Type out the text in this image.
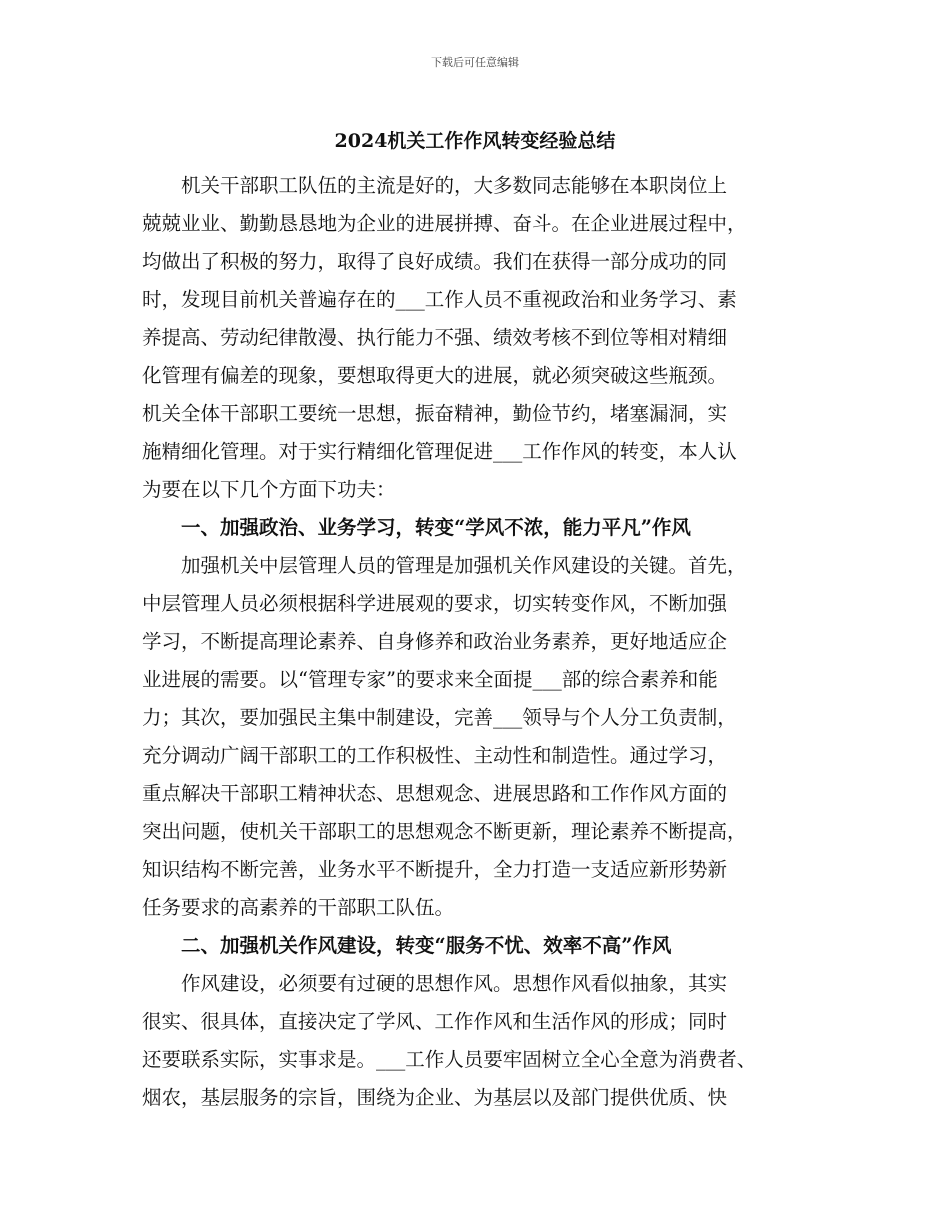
下载后可任意编辑
2024机关工作作风转变经验总结
　　机关干部职工队伍的主流是好的，大多数同志能够在本职岗位上
兢兢业业、勤勤恳恳地为企业的进展拼搏、奋斗。在企业进展过程中，
均做出了积极的努力，取得了良好成绩。我们在获得一部分成功的同
时，发现目前机关普遍存在的___工作人员不重视政治和业务学习、素
养提高、劳动纪律散漫、执行能力不强、绩效考核不到位等相对精细
化管理有偏差的现象，要想取得更大的进展，就必须突破这些瓶颈。
机关全体干部职工要统一思想，振奋精神，勤俭节约，堵塞漏洞，实
施精细化管理。对于实行精细化管理促进___工作作风的转变，本人认
为要在以下几个方面下功夫：
　　一、加强政治、业务学习，转变“学风不浓，能力平凡”作风
　　加强机关中层管理人员的管理是加强机关作风建设的关键。首先，
中层管理人员必须根据科学进展观的要求，切实转变作风，不断加强
学习，不断提高理论素养、自身修养和政治业务素养，更好地适应企
业进展的需要。以“管理专家”的要求来全面提___部的综合素养和能
力；其次，要加强民主集中制建设，完善___领导与个人分工负责制，
充分调动广阔干部职工的工作积极性、主动性和制造性。通过学习，
重点解决干部职工精神状态、思想观念、进展思路和工作作风方面的
突出问题，使机关干部职工的思想观念不断更新，理论素养不断提高，
知识结构不断完善，业务水平不断提升，全力打造一支适应新形势新
任务要求的高素养的干部职工队伍。
　　二、加强机关作风建设，转变“服务不忧、效率不高”作风
　　作风建设，必须要有过硬的思想作风。思想作风看似抽象，其实
很实、很具体，直接决定了学风、工作作风和生活作风的形成；同时
还要联系实际，实事求是。___工作人员要牢固树立全心全意为消费者、
烟农，基层服务的宗旨，围绕为企业、为基层以及部门提供优质、快
